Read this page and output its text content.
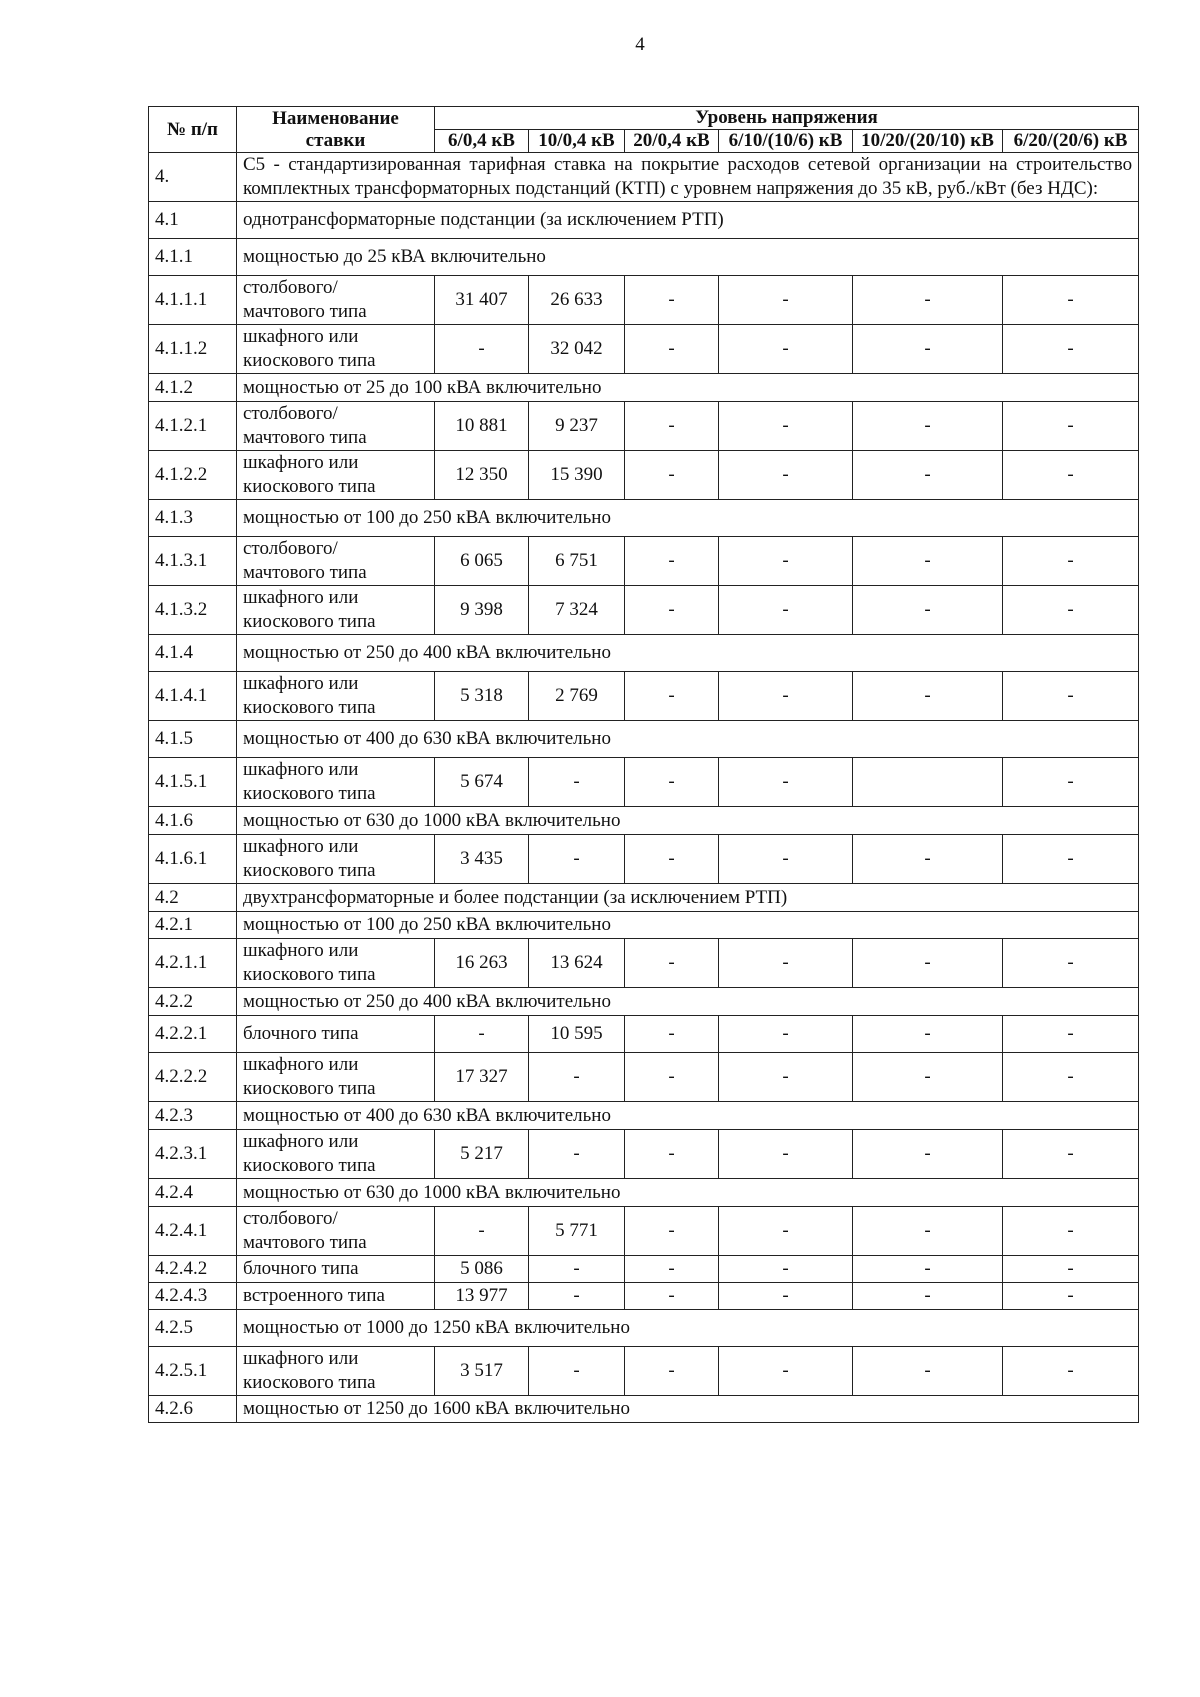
4
№ п/п	Наименование ставки	Уровень напряжения					
		6/0,4 кВ	10/0,4 кВ	20/0,4 кВ	6/10/(10/6) кВ	10/20/(20/10) кВ	6/20/(20/6) кВ
4.	С5 - стандартизированная тарифная ставка на покрытие расходов сетевой организации на строительство комплектных трансформаторных подстанций (КТП) с уровнем напряжения до 35 кВ, руб./кВт (без НДС):						
4.1	однотрансформаторные подстанции (за исключением РТП)						
4.1.1	мощностью до 25 кВА включительно						
4.1.1.1	столбового/
мачтового типа	31 407	26 633	-	-	-	-
4.1.1.2	шкафного или
киоскового типа	-	32 042	-	-	-	-
4.1.2	мощностью от 25 до 100 кВА включительно						
4.1.2.1	столбового/
мачтового типа	10 881	9 237	-	-	-	-
4.1.2.2	шкафного или
киоскового типа	12 350	15 390	-	-	-	-
4.1.3	мощностью от 100 до 250 кВА включительно						
4.1.3.1	столбового/
мачтового типа	6 065	6 751	-	-	-	-
4.1.3.2	шкафного или
киоскового типа	9 398	7 324	-	-	-	-
4.1.4	мощностью от 250 до 400 кВА включительно						
4.1.4.1	шкафного или
киоскового типа	5 318	2 769	-	-	-	-
4.1.5	мощностью от 400 до 630 кВА включительно						
4.1.5.1	шкафного или
киоскового типа	5 674	-	-	-		-
4.1.6	мощностью от 630 до 1000 кВА включительно						
4.1.6.1	шкафного или
киоскового типа	3 435	-	-	-	-	-
4.2	двухтрансформаторные и более подстанции (за исключением РТП)						
4.2.1	мощностью от 100 до 250 кВА включительно						
4.2.1.1	шкафного или
киоскового типа	16 263	13 624	-	-	-	-
4.2.2	мощностью от 250 до 400 кВА включительно						
4.2.2.1	блочного типа	-	10 595	-	-	-	-
4.2.2.2	шкафного или
киоскового типа	17 327	-	-	-	-	-
4.2.3	мощностью от 400 до 630 кВА включительно						
4.2.3.1	шкафного или
киоскового типа	5 217	-	-	-	-	-
4.2.4	мощностью от 630 до 1000 кВА включительно						
4.2.4.1	столбового/
мачтового типа	-	5 771	-	-	-	-
4.2.4.2	блочного типа	5 086	-	-	-	-	-
4.2.4.3	встроенного типа	13 977	-	-	-	-	-
4.2.5	мощностью от 1000 до 1250 кВА включительно						
4.2.5.1	шкафного или
киоскового типа	3 517	-	-	-	-	-
4.2.6	мощностью от 1250 до 1600 кВА включительно						
